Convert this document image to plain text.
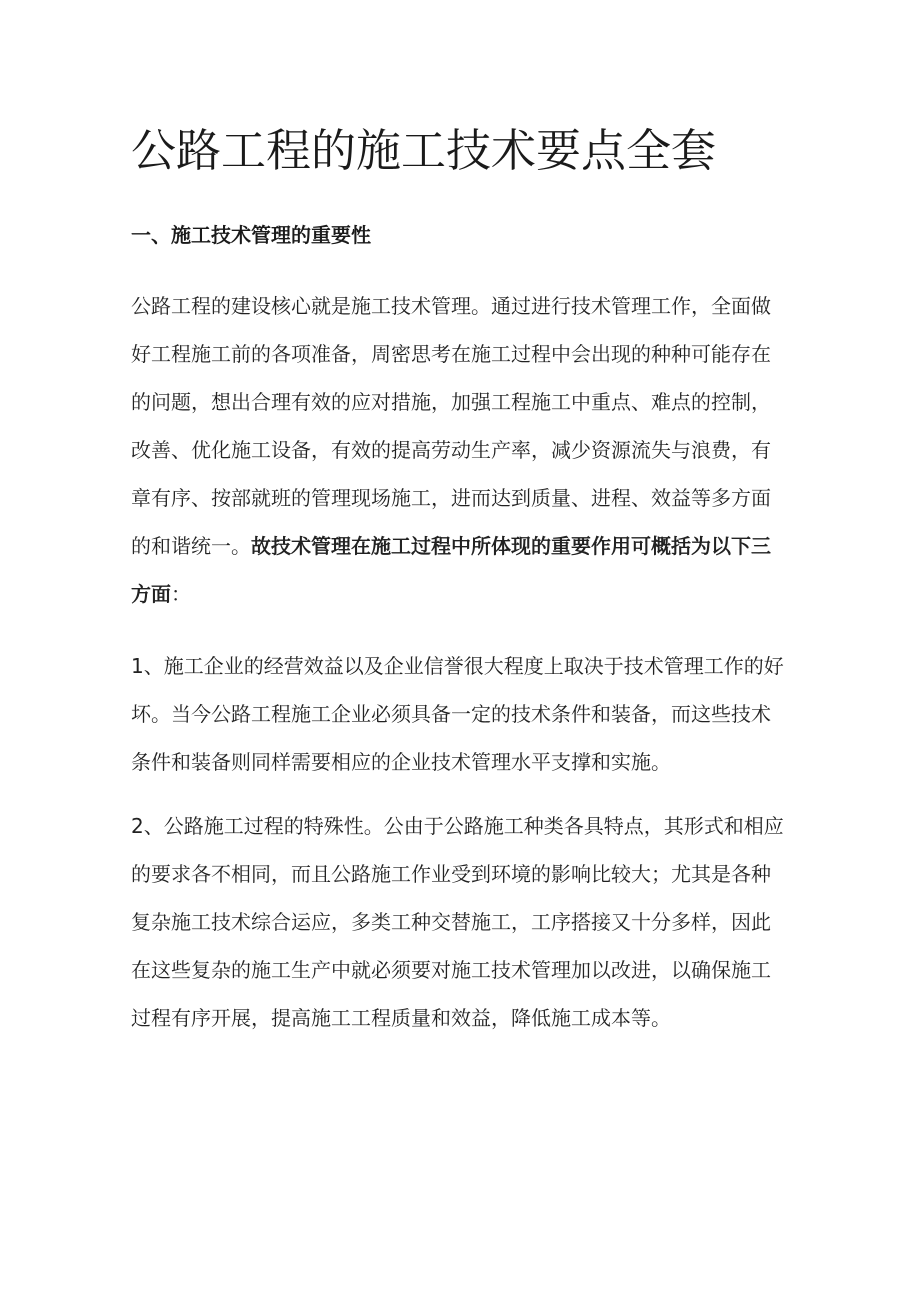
公路工程的施工技术要点全套
一、施工技术管理的重要性
公路工程的建设核心就是施工技术管理。通过进行技术管理工作，全面做
好工程施工前的各项准备，周密思考在施工过程中会出现的种种可能存在
的问题，想出合理有效的应对措施，加强工程施工中重点、难点的控制，
改善、优化施工设备，有效的提高劳动生产率，减少资源流失与浪费，有
章有序、按部就班的管理现场施工，进而达到质量、进程、效益等多方面
的和谐统一。故技术管理在施工过程中所体现的重要作用可概括为以下三
方面：
1、施工企业的经营效益以及企业信誉很大程度上取决于技术管理工作的好
坏。当今公路工程施工企业必须具备一定的技术条件和装备，而这些技术
条件和装备则同样需要相应的企业技术管理水平支撑和实施。
2、公路施工过程的特殊性。公由于公路施工种类各具特点，其形式和相应
的要求各不相同，而且公路施工作业受到环境的影响比较大；尤其是各种
复杂施工技术综合运应，多类工种交替施工，工序搭接又十分多样，因此
在这些复杂的施工生产中就必须要对施工技术管理加以改进，以确保施工
过程有序开展，提高施工工程质量和效益，降低施工成本等。
